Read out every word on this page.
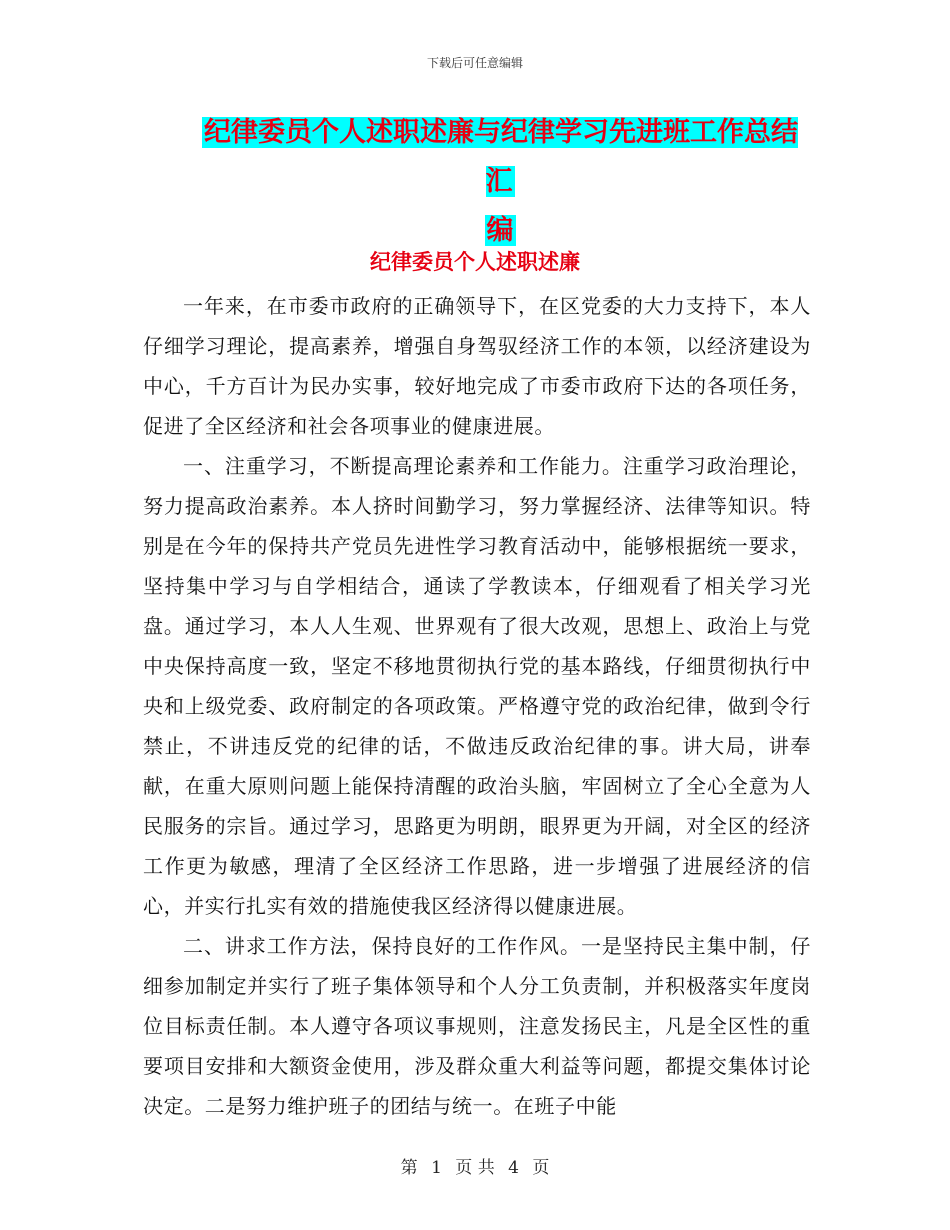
下载后可任意编辑
纪律委员个人述职述廉与纪律学习先进班工作总结汇
编
纪律委员个人述职述廉

一年来，在市委市政府的正确领导下，在区党委的大力支持下，本人仔细学习理论，提高素养，增强自身驾驭经济工作的本领，以经济建设为中心，千方百计为民办实事，较好地完成了市委市政府下达的各项任务，促进了全区经济和社会各项事业的健康进展。

一、注重学习，不断提高理论素养和工作能力。注重学习政治理论，努力提高政治素养。本人挤时间勤学习，努力掌握经济、法律等知识。特别是在今年的保持共产党员先进性学习教育活动中，能够根据统一要求，坚持集中学习与自学相结合，通读了学教读本，仔细观看了相关学习光盘。通过学习，本人人生观、世界观有了很大改观，思想上、政治上与党中央保持高度一致，坚定不移地贯彻执行党的基本路线，仔细贯彻执行中央和上级党委、政府制定的各项政策。严格遵守党的政治纪律，做到令行禁止，不讲违反党的纪律的话，不做违反政治纪律的事。讲大局，讲奉献，在重大原则问题上能保持清醒的政治头脑，牢固树立了全心全意为人民服务的宗旨。通过学习，思路更为明朗，眼界更为开阔，对全区的经济工作更为敏感，理清了全区经济工作思路，进一步增强了进展经济的信心，并实行扎实有效的措施使我区经济得以健康进展。

二、讲求工作方法，保持良好的工作作风。一是坚持民主集中制，仔细参加制定并实行了班子集体领导和个人分工负责制，并积极落实年度岗位目标责任制。本人遵守各项议事规则，注意发扬民主，凡是全区性的重要项目安排和大额资金使用，涉及群众重大利益等问题，都提交集体讨论决定。二是努力维护班子的团结与统一。在班子中能

第 1 页 共 4 页
